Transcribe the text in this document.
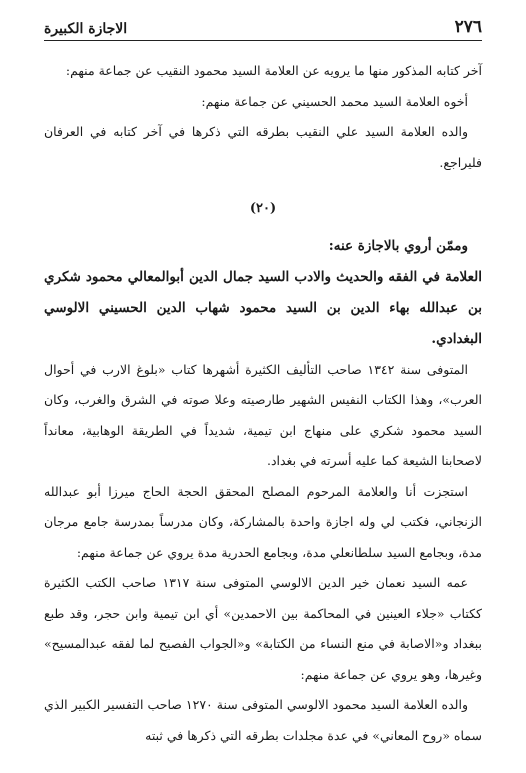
٢٧٦
الاجازة الكبيرة

آخر كتابه المذكور منها ما يرويه عن العلامة السيد محمود النقيب عن جماعة منهم:

أخوه العلامة السيد محمد الحسيني عن جماعة منهم:

والده العلامة السيد علي النقيب بطرقه التي ذكرها في آخر كتابه في العرفان فليراجع.

(٢٠)

وممّن أروي بالاجازة عنه:

العلامة في الفقه والحديث والادب السيد جمال الدين أبوالمعالي محمود شكري بن عبدالله بهاء الدين بن السيد محمود شهاب الدين الحسيني الالوسي البغدادي.

المتوفى سنة ١٣٤٢ صاحب التأليف الكثيرة أشهرها كتاب «بلوغ الارب في أحوال العرب»، وهذا الكتاب النفيس الشهير طارصيته وعلا صوته في الشرق والغرب، وكان السيد محمود شكري على منهاج ابن تيمية، شديداً في الطريقة الوهابية، معانداً لاصحابنا الشيعة كما عليه أسرته في بغداد.

استجزت أنا والعلامة المرحوم المصلح المحقق الحجة الحاج ميرزا أبو عبدالله الزنجاني، فكتب لي وله اجازة واحدة بالمشاركة، وكان مدرساً بمدرسة جامع مرجان مدة، وبجامع السيد سلطانعلي مدة، وبجامع الحدرية مدة يروي عن جماعة منهم:

عمه السيد نعمان خير الدين الالوسي المتوفى سنة ١٣١٧ صاحب الكتب الكثيرة ككتاب «جلاء العينين في المحاكمة بين الاحمدين» أي ابن تيمية وابن حجر، وقد طبع ببغداد و«الاصابة في منع النساء من الكتابة» و«الجواب الفصيح لما لفقه عبدالمسيح» وغيرها، وهو يروي عن جماعة منهم:

والده العلامة السيد محمود الالوسي المتوفى سنة ١٢٧٠ صاحب التفسير الكبير الذي سماه «روح المعاني» في عدة مجلدات بطرقه التي ذكرها في ثبته
